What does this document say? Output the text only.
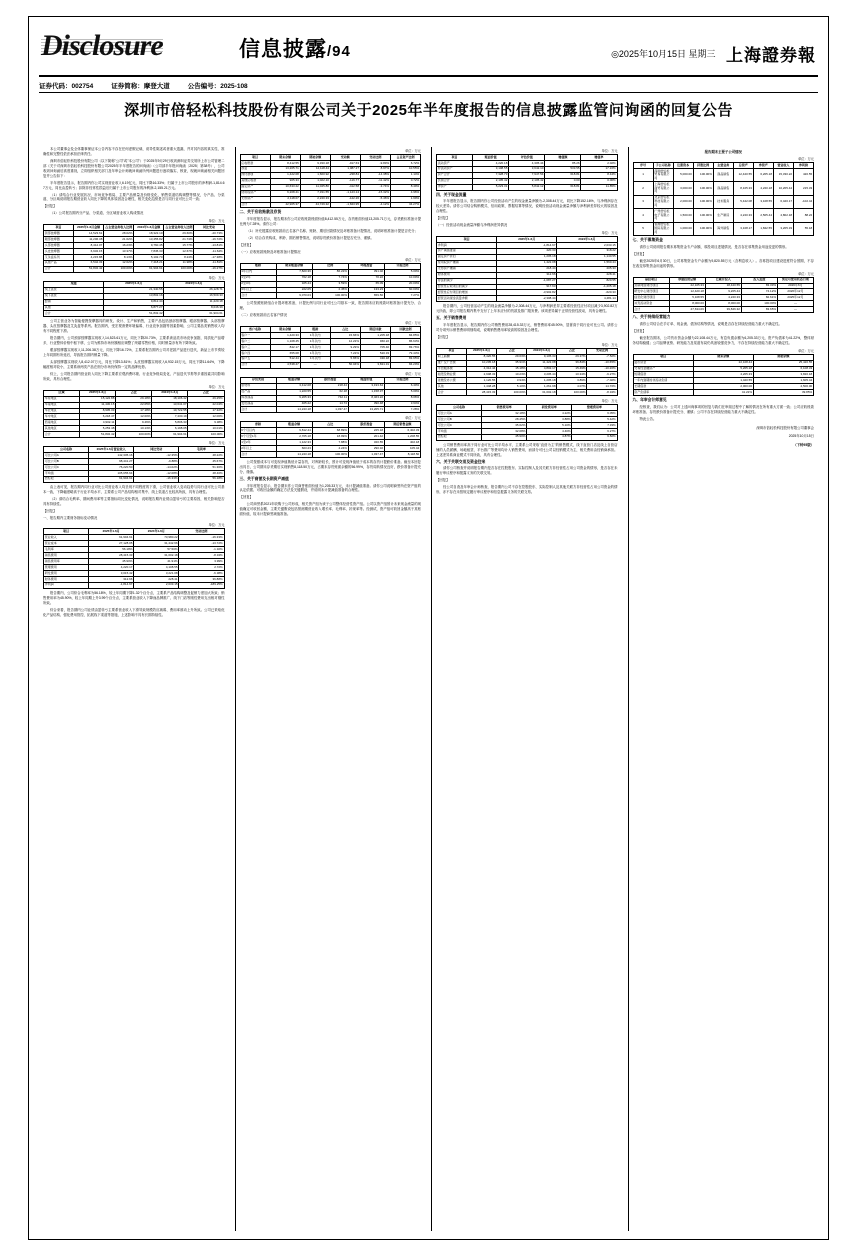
Disclosure	信息披露/94	◎2025年10月15日 星期三 上海證券報
证券代码：002754	证券简称：摩登大道	公告编号：2025-108
深圳市倍轻松科技股份有限公司关于2025年半年度报告的信息披露监管问询函的回复公告

本公司董事会及全体董事保证本公告内容不存在任何虚假记载、误导性陈述或者重大遗漏，并对其内容的真实性、准确性和完整性依法承担法律责任。

深圳市倍轻松科技股份有限公司（以下简称"公司"或"本公司"）于2025年9月29日收到深圳证券交易所上市公司管理二部《关于对深圳市倍轻松科技股份有限公司2025年半年度报告的问询函》（公司部半年报问询函〔2025〕第38号），公司收到问询函后高度重视，立即组织相关部门及年审会计师就问询函所列问题进行逐项落实、核查，现就问询函相关问题回复并公告如下：

半年度报告显示，报告期内你公司实现营业收入6.19亿元，同比下降16.33%；归属于上市公司股东的净利润-1,814.67万元，同比由盈转亏；扣除非经常性损益后归属于上市公司股东的净利润-2,155.21万元。

（1）请结合行业发展状况、市场竞争格局、主要产品销量及价格变化、销售渠道结构调整等情况，分产品、分渠道、分区域说明报告期营业收入同比下降的具体原因及合理性，相关变化趋势是否与同行业可比公司一致；

【回复】

（1）公司报告期内分产品、分渠道、分区域营业收入构成情况

单位：万元
项目	2025年1-6月金额	占主营业务收入比例	2024年1-6月金额	占主营业务收入比例	同比变动
颈部按摩器	14,523.61	28.02%	18,322.10	29.60%	-20.73%
眼部按摩器	11,206.38	21.62%	13,455.82	21.74%	-16.72%
头部按摩器	8,412.07	16.23%	9,760.45	15.77%	-13.81%
头皮按摩器	6,932.15	13.37%	7,845.33	12.67%	-11.64%
艾灸盒系列	4,215.88	8.13%	5,102.70	8.24%	-17.38%
其他产品	6,542.33	12.62%	7,418.21	11.98%	-11.81%
合计	51,832.42	100.00%	61,904.61	100.00%	-16.27%
单位：万元
渠道	2025年1-6月	2024年1-6月
线上直营	21,340.55	26,128.71
线下直营	13,802.16	16,509.33
经销	9,812.44	11,220.18
其他	6,877.27	8,046.39
合计	51,832.42	61,904.61

公司主营业务为智能便携按摩器具的研发、设计、生产和销售，主要产品包括颈部按摩器、眼部按摩器、头部按摩器、头皮按摩器及艾灸盒等系列。报告期内，受宏观消费环境偏弱、行业竞争加剧等因素影响，公司主要品类销售收入均有不同程度下滑。

报告期内，公司颈部按摩器实现收入14,523.61万元，同比下降20.73%，主要系该品类市场竞争加剧，同质化产品增多，行业整体价格中枢下移，公司为维持市场份额相应调整了终端零售价格，同时销量亦有所下降所致。

眼部按摩器实现收入11,206.38万元，同比下降16.72%，主要系报告期内公司对老款产品进行迭代，新品上市节奏较上年同期有所延后，导致报告期内销量下降。

头部按摩器实现收入8,412.07万元，同比下降13.81%；头皮按摩器实现收入6,932.15万元，同比下降11.64%，下降幅度相对较小，主要系该两类产品在细分市场仍保持一定的品牌优势。

综上，公司报告期内营业收入同比下降主要系宏观消费环境、行业竞争格局变化、产品迭代节奏等多重因素共同影响所致，具有合理性。

单位：万元
区域	2025年1-6月	占比	2024年1-6月	占比
华东地区	15,122.88	29.18%	18,106.42	29.25%
华南地区	11,430.15	22.05%	13,641.07	22.04%
华北地区	8,905.33	17.18%	10,722.55	17.32%
华中地区	6,218.47	12.00%	7,430.19	12.00%
西南地区	4,902.11	9.46%	5,806.33	9.38%
其他地区	5,253.48	10.13%	6,198.05	10.01%
合计	51,832.42	100.00%	61,904.61	100.00%
单位：万元
公司名称	2025年1-6月营业收入	同比变动	毛利率
可比公司A	142,305.16	-12.35%	48.22%
可比公司B	98,441.27	-9.88%	45.67%
可比公司C	76,220.50	-14.02%	51.30%
平均值	105,655.64	-12.08%	48.40%
倍轻松	61,904.61	-16.33%	56.18%

由上表可见，报告期内同行业可比公司营业收入均呈现不同程度的下滑，公司营业收入变动趋势与同行业可比公司基本一致，下降幅度略高于行业平均水平，主要系公司产品结构相对集中、线上渠道占比较高所致，具有合理性。

（2）请结合毛利率、期间费用率等主要指标同比变化情况，说明报告期内业绩由盈转亏的主要原因，相关影响是否具有持续性。

【回复】

一、报告期内主要财务指标变动情况

单位：万元
项目	2025年1-6月	2024年1-6月	变动比例
营业收入	61,904.61	73,980.22	-16.33%
营业成本	27,128.05	31,442.66	-13.72%
毛利率	56.18%	57.50%	-1.32%
销售费用	28,415.33	31,002.18	-8.34%
销售费用率	45.90%	41.91%	3.99%
管理费用	4,220.17	4,108.55	2.72%
研发费用	3,015.42	3,221.08	-6.38%
财务费用	312.66	228.41	36.88%
净利润	-1,814.67	2,033.15	-189.25%

报告期内，公司综合毛利率为56.18%，较上年同期下降1.32个百分点，主要系产品结构调整及促销力度加大所致；销售费用率为45.90%，较上年同期上升3.99个百分点，主要系营业收入下降而品牌推广、线下门店等刚性费用支出相对刚性所致。

综合来看，报告期内公司业绩由盈转亏主要系营业收入下滑导致规模效应减弱、费用率被动上升所致。公司已采取优化产品结构、强化费用管控、拓展线下渠道等措施，上述影响不具有长期持续性。

单位：万元
项目	期末余额	期初余额	变动额	变动比例	占总资产比例
应收账款	8,412.55	9,330.18	-917.63	-9.83%	6.72%
存货	13,205.71	12,118.44	1,087.27	8.97%	10.55%
预付款项	1,422.08	1,660.92	-238.84	-14.38%	1.14%
其他应收款	905.33	1,022.10	-116.77	-11.42%	0.72%
固定资产	10,633.22	11,045.80	-412.58	-3.74%	8.49%
使用权资产	6,208.41	7,331.55	-1,123.14	-15.32%	4.96%
无形资产	2,118.07	2,240.33	-122.26	-5.46%	1.69%
合计	42,905.37	44,749.32	-1,843.95	-4.12%	34.27%

二、关于应收账款及存货

半年度报告显示，报告期末你公司应收账款账面价值8,412.55万元，存货账面价值13,205.71万元，存货跌价准备计提比例为7.28%。请你公司：

（1）补充披露应收账款前五名客户名称、账龄、期后回款情况及坏账准备计提情况，说明坏账准备计提是否充分；

（2）结合存货构成、库龄、期后销售情况，说明存货跌价准备计提是否充分、谨慎。

【回复】

（一）应收账款账龄及坏账准备计提情况

单位：万元
账龄	期末账面余额	比例	坏账准备	计提比例
1年以内	7,820.36	86.22%	391.02	5.00%
1至2年	702.18	7.74%	70.22	10.00%
2至3年	325.44	3.59%	65.09	20.00%
3年以上	222.05	2.45%	133.23	60.00%
合计	9,070.03	100.00%	659.56	7.27%

公司按照账龄组合计提坏账准备，计提比例与同行业可比公司基本一致，报告期末应收账款坏账准备计提充分、合理。

（二）应收账款前五名客户情况

单位：万元
客户名称	期末余额	账龄	占比	期后回款	回款比例
客户一	1,420.33	1年以内	15.66%	1,205.18	84.85%
客户二	1,108.45	1年以内	12.22%	960.22	86.63%
客户三	842.17	1年以内	9.29%	705.40	83.76%
客户四	655.08	1年以内	7.22%	520.33	79.43%
客户五	512.44	1年以内	5.65%	430.18	83.95%
合计	4,538.47	—	50.04%	3,821.31	84.20%
单位：万元
存货类别	账面余额	跌价准备	账面价值	计提比例
原材料	3,412.08	218.44	3,193.64	6.40%
在产品	1,220.55	62.18	1,158.37	5.09%
库存商品	9,205.33	742.11	8,463.22	8.06%
发出商品	405.22	14.74	390.48	3.64%
合计	14,243.18	1,037.47	13,205.71	7.28%
单位：万元
库龄	账面余额	占比	跌价准备	期后销售金额
6个月以内	9,812.44	68.89%	225.18	6,402.33
6个月至1年	2,705.18	18.99%	201.42	1,208.55
1至2年	1,122.33	7.88%	320.55	402.18
2年以上	603.23	4.24%	290.32	105.44
合计	14,243.18	100.00%	1,037.47	8,118.50

公司按照成本与可变现净值孰低计量存货，对库龄较长、预计可变现净值低于成本的存货计提跌价准备。截至本回复出具日，公司期末存货期后实现销售8,118.50万元，占期末存货账面余额的56.99%，存货周转情况良好，跌价准备计提充分、谨慎。

三、关于商誉及长期资产减值

半年度报告显示，报告期末你公司商誉账面价值为1,205.33万元，未计提减值准备。请你公司说明商誉所在资产组的认定依据、可收回金额的确定方法及关键假设，并说明未计提减值准备的合理性。

【回复】

公司商誉系2021年收购子公司形成，相关资产组为该子公司整体经营性资产组。公司以资产组预计未来现金流量的现值确定可收回金额，主要关键假设包括预测期营业收入增长率、毛利率、折现率等。经测试，资产组可收回金额高于其账面价值，故未计提商誉减值准备。

单位：万元
项目	账面价值	评估价值	增值额	增值率
流动资产	4,220.18	4,305.44	85.26	2.02%
非流动资产	3,108.55	3,642.10	533.55	17.16%
资产合计	7,328.73	7,947.54	618.81	8.44%
负债合计	2,105.42	2,105.42	0.00	0.00%
净资产	5,223.31	5,842.12	618.81	11.85%

四、关于现金流量

半年度报告显示，报告期内你公司经营活动产生的现金流量净额为-2,308.44万元，同比下降152.16%，与净利润存在较大差异。请你公司结合购销模式、信用政策、票据结算等情况，说明经营活动现金流量净额与净利润差异较大的原因及合理性。

【回复】

（一）经营活动现金流量净额与净利润差异情况

单位：万元
项目	2025年1-6月	2024年1-6月
净利润	-1,814.67	2,033.15
资产减值准备	420.33	318.22
固定资产折旧	1,205.18	1,140.55
使用权资产摊销	1,422.08	1,560.44
无形资产摊销	218.44	205.33
财务费用	312.66	228.41
存货的减少	-1,087.27	820.55
经营性应收项目的减少	917.63	-1,205.18
经营性应付项目的增加	-3,902.82	-620.33
经营活动现金流量净额	-2,308.44	4,481.14

报告期内，公司经营活动产生的现金流量净额为-2,308.44万元，与净利润差异主要系经营性应付项目减少3,902.82万元所致，即公司报告期内集中支付了上年末应付的货款及推广服务费。该项差异属于正常经营性波动，具有合理性。

五、关于销售费用

半年度报告显示，报告期内你公司销售费用28,415.33万元，销售费用率45.90%，显著高于同行业可比公司。请你公司分项列示销售费用明细构成，说明销售费用率较高的原因及合理性。

【回复】

单位：万元
项目	2025年1-6月	占比	2024年1-6月	占比	变动比例
职工薪酬	8,420.55	29.63%	9,105.33	29.37%	-7.52%
推广及广告费	10,205.18	35.91%	11,422.08	36.84%	-10.65%
平台服务费	4,312.44	15.18%	4,802.17	15.49%	-10.20%
租赁及物业费	2,908.33	10.23%	3,205.44	10.34%	-9.27%
差旅及办公费	1,120.55	3.94%	1,205.18	3.89%	-7.02%
其他	1,448.28	5.10%	1,261.98	4.07%	14.76%
合计	28,415.33	100.00%	31,002.18	100.00%	-8.34%
单位：万元
公司名称	销售费用率	研发费用率	管理费用率
可比公司A	32.18%	4.22%	6.05%
可比公司B	28.45%	3.88%	5.42%
可比公司C	35.62%	5.10%	7.33%
平均值	32.08%	4.40%	6.27%
倍轻松	45.90%	4.87%	6.82%

公司销售费用率高于同行业可比公司平均水平，主要系公司采取"直营为主"的销售模式，线下直营门店及线上自营店铺的人员薪酬、场地租赁、平台推广等费用均计入销售费用，而部分可比公司以经销模式为主，相关费用由经销商承担。上述差异系商业模式不同所致，具有合理性。

六、关于关联交易及资金往来

请你公司核查并说明报告期内是否存在控股股东、实际控制人及其关联方非经营性占用公司资金的情形，是否存在未履行审议程序和披露义务的关联交易。

【回复】

经公司自查及年审会计师核查，报告期内公司不存在控股股东、实际控制人及其他关联方非经营性占用公司资金的情形，亦不存在未按规定履行审议程序和信息披露义务的关联交易。

报告期末主要子公司情况
单位：万元
序号	子公司名称	注册资本	持股比例	主营业务	总资产	净资产	营业收入	净利润
1	深圳倍轻松贸易有限公司	5,000.00	100.00%	商品销售	12,420.55	6,205.18	15,330.22	420.55
2	上海倍轻松商贸有限公司	3,000.00	100.00%	商品销售	8,105.33	4,220.18	10,205.44	215.33
3	北京倍轻松科技有限公司	2,000.00	100.00%	技术服务	5,422.08	3,108.55	6,420.17	-102.44
4	广州倍轻松电子有限公司	1,500.00	100.00%	生产制造	4,220.33	2,505.44	4,802.18	88.22
5	香港倍轻松国际有限公司	1,000.00	100.00%	海外销售	3,108.17	1,842.55	3,205.33	55.18

七、关于募集资金

请你公司说明报告期末募集资金专户余额、募投项目进展情况、是否存在募集资金用途变更的情形。

【回复】

截至2025年6月30日，公司募集资金专户余额为9,820.55万元（含利息收入）。各募投项目建设进度符合预期，不存在改变募集资金用途的情形。

单位：万元
募投项目	承诺投资总额	已累计投入	投入进度	预定可使用状态日期
营销网络建设项目	22,105.33	18,420.55	83.33%	2026年6月
研发中心建设项目	12,420.18	9,205.44	74.12%	2026年12月
信息化建设项目	5,108.55	4,220.33	82.61%	2025年12月
补充流动资金	8,000.00	8,000.00	100.00%	—
合计	47,634.06	39,846.32	83.65%	—

八、关于持续经营能力

请你公司结合在手订单、现金流、债务结构等情况，说明是否存在持续经营能力重大不确定性。

【回复】

截至报告期末，公司货币资金余额为22,108.44万元，有息负债余额为6,205.33万元，资产负债率为41.22%，整体财务结构稳健；公司品牌优势、研发能力及渠道布局仍具备较强竞争力，不存在持续经营能力重大不确定性。

单位：万元
项目	期末余额	期初余额
货币资金	22,108.44	25,420.55
交易性金融资产	5,205.18	6,108.33
短期借款	4,205.33	3,820.18
一年内到期的非流动负债	1,420.55	1,605.44
长期借款	2,000.00	2,500.00
资产负债率	41.22%	39.85%

九、年审会计师意见

经核查，我们认为：公司对上述问询事项的回复与我们在审阅过程中了解的情况在所有重大方面一致；公司应收账款坏账准备、存货跌价准备计提充分、谨慎；公司不存在持续经营能力重大不确定性。

特此公告。

深圳市倍轻松科技股份有限公司董事会
2025年10月15日
（下转95版）
